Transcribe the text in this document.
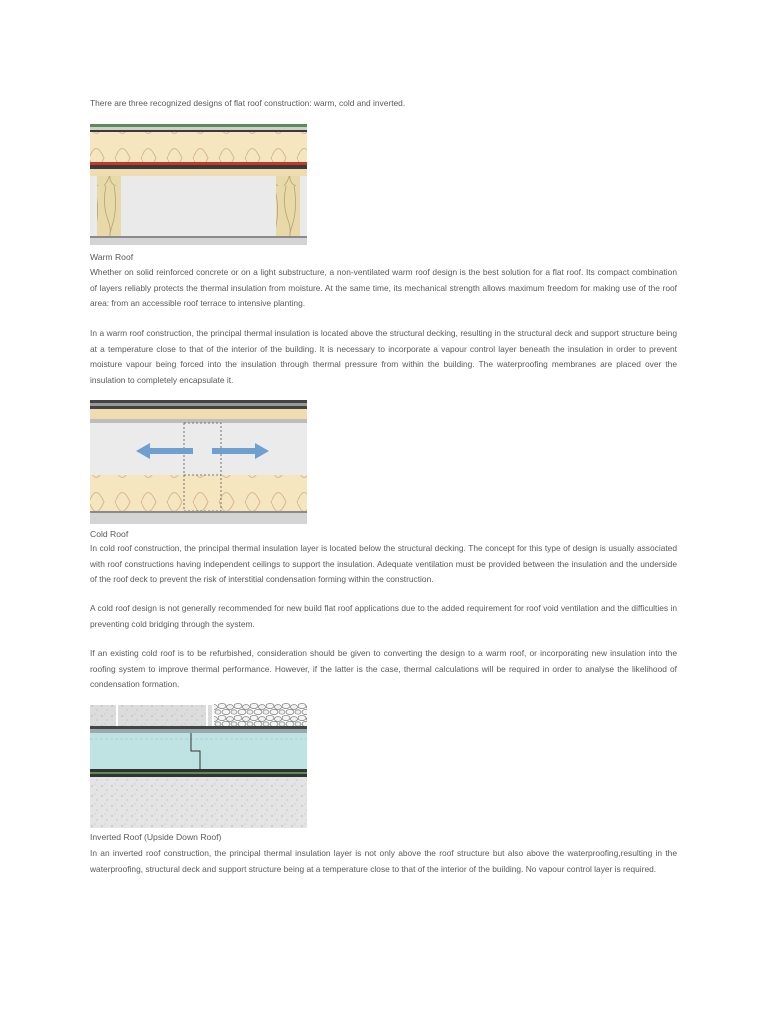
There are three recognized designs of flat roof construction: warm, cold and inverted.

Warm Roof

Whether on solid reinforced concrete or on a light substructure, a non-ventilated warm roof design is the best solution for a flat roof. Its compact combination of layers reliably protects the thermal insulation from moisture. At the same time, its mechanical strength allows maximum freedom for making use of the roof area: from an accessible roof terrace to intensive planting.

In a warm roof construction, the principal thermal insulation is located above the structural decking, resulting in the structural deck and support structure being at a temperature close to that of the interior of the building. It is necessary to incorporate a vapour control layer beneath the insulation in order to prevent moisture vapour being forced into the insulation through thermal pressure from within the building. The waterproofing membranes are placed over the insulation to completely encapsulate it.

Cold Roof

In cold roof construction, the principal thermal insulation layer is located below the structural decking. The concept for this type of design is usually associated with roof constructions having independent ceilings to support the insulation. Adequate ventilation must be provided between the insulation and the underside of the roof deck to prevent the risk of interstitial condensation forming within the construction.

A cold roof design is not generally recommended for new build flat roof applications due to the added requirement for roof void ventilation and the difficulties in preventing cold bridging through the system.

If an existing cold roof is to be refurbished, consideration should be given to converting the design to a warm roof, or incorporating new insulation into the roofing system to improve thermal performance. However, if the latter is the case, thermal calculations will be required in order to analyse the likelihood of condensation formation.

Inverted Roof (Upside Down Roof)

In an inverted roof construction, the principal thermal insulation layer is not only above the roof structure but also above the waterproofing,resulting in the waterproofing, structural deck and support structure being at a temperature close to that of the interior of the building. No vapour control layer is required.
